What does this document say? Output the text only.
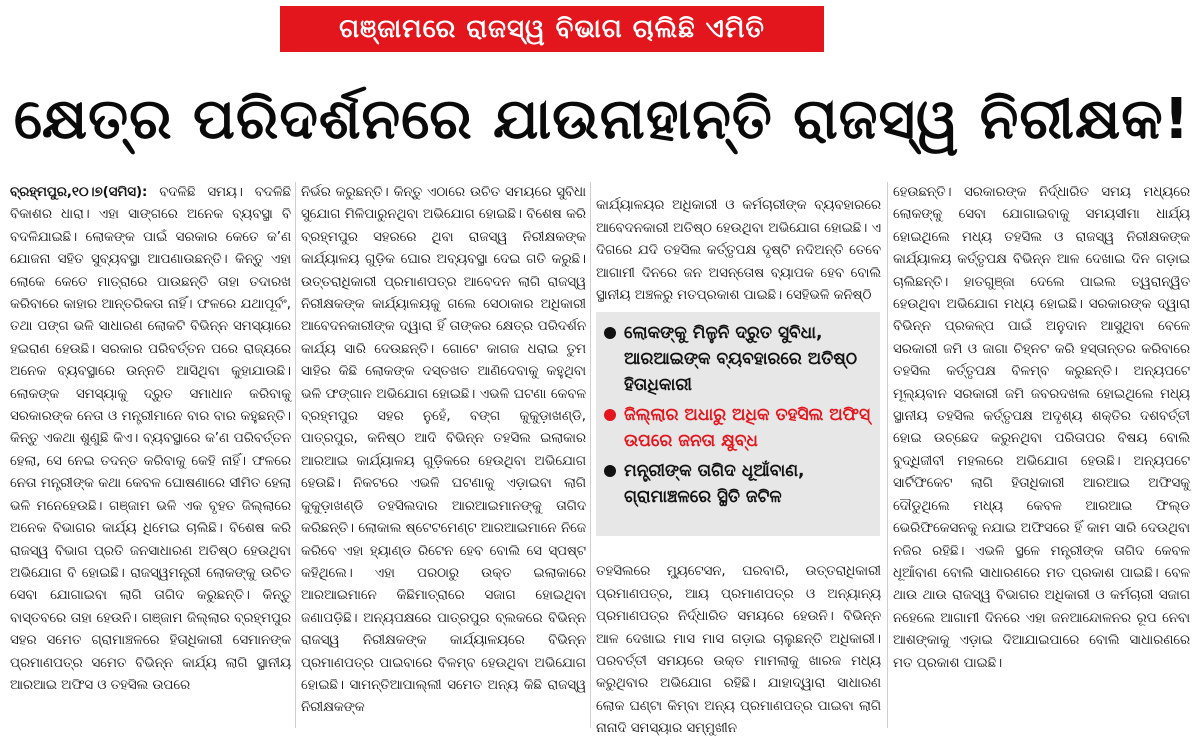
ଗଞ୍ଜାମରେ ରାଜସ୍ୱ ବିଭାଗ ଚାଲିଛି ଏମିତି
କ୍ଷେତ୍ର ପରିଦର୍ଶନରେ ଯାଉନାହାନ୍ତି ରାଜସ୍ୱ ନିରୀକ୍ଷକ!

ବ୍ରହ୍ମପୁର,୧୦।୭(ସମିସ): ବଦଳିଛି ସମୟ। ବଦଳିଛି ବିକାଶର ଧାରା। ଏହା ସାଙ୍ଗରେ ଅନେକ ବ୍ୟବସ୍ଥା ବି ବଦଳିଯାଇଛି। ଲୋକଙ୍କ ପାଇଁ ସରକାର କେତେ କ’ଣ ଯୋଜନା ସହିତ ସୁବ୍ୟବସ୍ଥା ଆପଣାଉଛନ୍ତି। କିନ୍ତୁ ଏହା ଲୋକେ କେତେ ମାତ୍ରାରେ ପାଉଛନ୍ତି ତାହା ତଦାରଖ କରିବାରେ କାହାର ଆନ୍ତରିକତା ନାହିଁ। ଫଳରେ ଯଥାପୂର୍ବଂ, ତଥା ପଙ୍ଗ ଭଳି ସାଧାରଣ ଲୋକଟି ବିଭିନ୍ନ ସମସ୍ୟାରେ ହଇରାଣ ହେଉଛି। ସରକାର ପରିବର୍ତ୍ତନ ପରେ ରାଜ୍ୟରେ ଅନେକ ବ୍ୟବସ୍ଥାରେ ଉନ୍ନତି ଆସିଥିବା କୁହାଯାଉଛି। ଲୋକଙ୍କ ସମସ୍ୟାକୁ ଦ୍ରୁତ ସମାଧାନ କରିବାକୁ ସରକାରଙ୍କ ନେତା ଓ ମନ୍ତ୍ରୀମାନେ ବାର ବାର କହୁଛନ୍ତି। କିନ୍ତୁ ଏକଥା ଶୁଣୁଛି କିଏ। ବ୍ୟବସ୍ଥାରେ କ’ଣ ପରିବର୍ତ୍ତନ ହେଲା, ସେ ନେଇ ତଦନ୍ତ କରିବାକୁ କେହି ନାହିଁ। ଫଳରେ ନେତା ମନ୍ତ୍ରୀଙ୍କ କଥା କେବଳ ଘୋଷଣାରେ ସୀମିତ ହେଲା ଭଳି ମନେହେଉଛି। ଗଞ୍ଜାମ ଭଳି ଏକ ବୃହତ ଜିଲ୍ଲାରେ ଅନେକ ବିଭାଗର କାର୍ଯ୍ୟ ଧିମେଇ ଚାଲିଛି। ବିଶେଷ କରି ରାଜସ୍ୱ ବିଭାଗ ପ୍ରତି ଜନସାଧାରଣ ଅତିଷ୍ଠ ହେଉଥିବା ଅଭିଯୋଗ ବି ହୋଇଛି। ରାଜସ୍ୱମନ୍ତ୍ରୀ ଲୋକଙ୍କୁ ଉଚିତ ସେବା ଯୋଗାଇବା ଲାଗି ତାଗିଦ କରୁଛନ୍ତି। କିନ୍ତୁ ବାସ୍ତବରେ ତାହା ହେଉନି। ଗଞ୍ଜାମ ଜିଲ୍ଲାର ବ୍ରହ୍ମପୁର ସହର ସମେତ ଗ୍ରାମାଞ୍ଚଳରେ ହିତାଧିକାରୀ ସେମାନଙ୍କ ପ୍ରମାଣପତ୍ର ସମେତ ବିଭିନ୍ନ କାର୍ଯ୍ୟ ଲାଗି ସ୍ଥାନୀୟ ଆରଆଇ ଅଫିସ ଓ ତହସିଲ ଉପରେ

ନିର୍ଭର କରୁଛନ୍ତି। କିନ୍ତୁ ଏଠାରେ ଉଚିତ ସମୟରେ ସୁବିଧା ସୁଯୋଗ ମିଳିପାରୁନଥିବା ଅଭିଯୋଗ ହୋଇଛି। ବିଶେଷ କରି ବ୍ରହ୍ମପୁର ସହରରେ ଥିବା ରାଜସ୍ୱ ନିରୀକ୍ଷକଙ୍କ କାର୍ଯ୍ୟାଳୟ ଗୁଡ଼ିକ ଘୋର ଅବ୍ୟବସ୍ଥା ଦେଇ ଗତି କରୁଛି। ଉତ୍ତରାଧିକାରୀ ପ୍ରମାଣପତ୍ର ଆବେଦନ ଲାଗି ରାଜସ୍ୱ ନିରୀକ୍ଷକଙ୍କ କାର୍ଯ୍ୟାଳୟକୁ ଗଲେ ସେଠାକାର ଅଧିକାରୀ ଆବେଦନକାରୀଙ୍କ ଦ୍ୱାରା ହିଁ ତାଙ୍କର କ୍ଷେତ୍ର ପରିଦର୍ଶନ କାର୍ଯ୍ୟ ସାରି ଦେଉଛନ୍ତି। ଗୋଟେ କାଗଜ ଧରାଇ ତୁମ ସାହିର କିଛି ଲୋକଙ୍କ ଦସ୍ତଖତ ଆଣିଦେବାକୁ କହୁଥିବା ଭଳି ଫଙ୍ଗାନ ଅଭିଯୋଗ ହୋଇଛି। ଏଭଳି ଘଟଣା କେବଳ ବ୍ରହ୍ମପୁର ସହର ନୁହେଁ, ବଙ୍ଗ କୁକୁଡ଼ାଖଣ୍ଡି, ପାତ୍ରପୁର, କନିଷ୍ଠ ଆଦି ବିଭିନ୍ନ ତହସିଲ ଇଲାକାର ଆରଆଇ କାର୍ଯ୍ୟାଳୟ ଗୁଡ଼ିକରେ ହେଉଥିବା ଅଭିଯୋଗ ହେଉଛି। ନିକଟରେ ଏଭଳି ଘଟଣାକୁ ଏଡ଼ାଇବା ଲାଗି କୁକୁଡ଼ାଖଣ୍ଡି ତହସିଲଦାର ଆରଆଇମାନଙ୍କୁ ତାଗିଦ କରିଛନ୍ତି। ଲୋକାଲ ଷ୍ଟେଟମେଣ୍ଟ ଆରଆଇମାନେ ନିଜେ କରିବେ ଏହା ହ୍ୟାଣ୍ଡ ରିଟେନ ହେବ ବୋଲି ସେ ସ୍ପଷ୍ଟ କହିଥିଲେ। ଏହା ପରଠାରୁ ଉକ୍ତ ଇଲାକାରେ ଆରଆଇମାନେ କିଛିମାତ୍ରାରେ ସଜାଗ ହୋଇଥିବା ଜଣାପଡ଼ିଛି। ଅନ୍ୟପକ୍ଷରେ ପାତ୍ରପୁର ବ୍ଲକରେ ବିଭିନ୍ନ ରାଜସ୍ୱ ନିରୀକ୍ଷକଙ୍କ କାର୍ଯ୍ୟାଳୟରେ ବିଭିନ୍ନ ପ୍ରମାଣପତ୍ର ପାଇବାରେ ବିଳମ୍ବ ହେଉଥିବା ଅଭିଯୋଗ ହୋଇଛି। ସାମନ୍ତିଆପାଲ୍ଲୀ ସମେତ ଅନ୍ୟ କିଛି ରାଜସ୍ୱ ନିରୀକ୍ଷକଙ୍କ

କାର୍ଯ୍ୟାଳୟର ଅଧିକାରୀ ଓ କର୍ମଚାରୀଙ୍କ ବ୍ୟବହାରରେ ଆବେଦନକାରୀ ଅତିଷ୍ଠ ହେଉଥିବା ଅଭିଯୋଗ ହୋଇଛି। ଏ ଦିଗରେ ଯଦି ତହସିଲ କର୍ତ୍ତୃପକ୍ଷ ଦୃଷ୍ଟି ନଦିଅନ୍ତି ତେବେ ଆଗାମୀ ଦିନରେ ଜନ ଅସନ୍ତୋଷ ବ୍ୟାପକ ହେବ ବୋଲି ସ୍ଥାନୀୟ ଅଞ୍ଚଳରୁ ମତପ୍ରକାଶ ପାଇଛି। ସେହିଭଳି କନିଷ୍ଠି

ଲୋକଙ୍କୁ ମିଳୁନି ଦ୍ରୁତ ସୁବିଧା, ଆରଆଇଙ୍କ ବ୍ୟବହାରରେ ଅତିଷ୍ଠ ହିତାଧିକାରୀ
ଜିଲ୍ଲାର ଅଧାରୁ ଅଧିକ ତହସିଲ ଅଫିସ୍ ଉପରେ ଜନତା କ୍ଷୁବ୍ଧ
ମନ୍ତ୍ରୀଙ୍କ ତାଗିଦ ଧୂଆଁବାଣ, ଗ୍ରାମାଞ୍ଚଳରେ ସ୍ଥିତି ଜଟିଳ

ତହସିଲରେ ମ୍ୟୁଟେସନ, ଘରବାରି, ଉତ୍ତରାଧିକାରୀ ପ୍ରମାଣପତ୍ର, ଆୟ ପ୍ରମାଣପତ୍ର ଓ ଅନ୍ୟାନ୍ୟ ପ୍ରମାଣପତ୍ର ନିର୍ଦ୍ଧାରିତ ସମୟରେ ହେଉନି। ବିଭିନ୍ନ ଆଳ ଦେଖାଇ ମାସ ମାସ ଗଡ଼ାଇ ଚାଲୁଛନ୍ତି ଅଧିକାରୀ। ପରବର୍ତ୍ତୀ ସମୟରେ ଉକ୍ତ ମାମଲାକୁ ଖାରଜ ମଧ୍ୟ କରୁଥିବାର ଅଭିଯୋଗ ରହିଛି। ଯାହାଦ୍ୱାରା ସାଧାରଣ ଲୋକ ଘଣ୍ଟା କିମ୍ବା ଅନ୍ୟ ପ୍ରମାଣପତ୍ର ପାଇବା ଲାଗି ନାନାଦି ସମସ୍ୟାର ସମ୍ମୁଖୀନ

ହେଉଛନ୍ତି। ସରକାରଙ୍କ ନିର୍ଦ୍ଧାରିତ ସମୟ ମଧ୍ୟରେ ଲୋକଙ୍କୁ ସେବା ଯୋଗାଇବାକୁ ସମୟସୀମା ଧାର୍ଯ୍ୟ ହୋଇଥିଲେ ମଧ୍ୟ ତହସିଲ ଓ ରାଜସ୍ୱ ନିରୀକ୍ଷକଙ୍କ କାର୍ଯ୍ୟାଳୟ କର୍ତ୍ତୃପକ୍ଷ ବିଭିନ୍ନ ଆଳ ଦେଖାଇ ଦିନ ଗଡ଼ାଇ ଚାଲିଛନ୍ତି। ହାତଗୁଞ୍ଜା ଦେଲେ ପାଇଲ ତ୍ୱରାନ୍ୱିତ ହେଉଥିବା ଅଭିଯୋଗ ମଧ୍ୟ ହୋଇଛି। ସରକାରଙ୍କ ଦ୍ୱାରା ବିଭିନ୍ନ ପ୍ରକଳ୍ପ ପାଇଁ ଅନୁଦାନ ଆସୁଥିବା ବେଳେ ସରକାରୀ ଜମି ଓ ଜାଗା ଚିହ୍ନଟ କରି ହସ୍ତାନ୍ତର କରିବାରେ ତହସିଲ କର୍ତ୍ତୃପକ୍ଷ ବିଳମ୍ବ କରୁଛନ୍ତି। ଅନ୍ୟପଟେ ମୂଲ୍ୟବାନ ସରକାରୀ ଜମି ଜବରଦଖଲ ହୋଇଥିଲେ ମଧ୍ୟ ସ୍ଥାନୀୟ ତହସିଲ କର୍ତ୍ତୃପକ୍ଷ ଅଦୃଶ୍ୟ ଶକ୍ତିର ଦଶବର୍ତ୍ତୀ ହୋଇ ଉଚ୍ଛେଦ କରୁନଥିବା ପରିତାପର ବିଷୟ ବୋଲି ବୁଦ୍ଧିଜୀବୀ ମହଲରେ ଅଭିଯୋଗ ହେଉଛି। ଅନ୍ୟପଟେ ସାର୍ଟିଫିକେଟ ଲାଗି ହିତାଧିକାରୀ ଆରଆଇ ଅଫିସକୁ ଦୌଡୁଥିଲେ ମଧ୍ୟ କେବଳ ଆରଆଇ ଫିଲ୍ଡ ଭେରିଫିକେସନକୁ ନଯାଇ ଅଫିସରେ ହିଁ କାମ ସାରି ଦେଉଥିବା ନଜିର ରହିଛି। ଏଭଳି ସ୍ଥଳେ ମନ୍ତ୍ରୀଙ୍କ ତାଗିଦ କେବଳ ଧୂଆଁବାଣ ବୋଲି ସାଧାରଣରେ ମତ ପ୍ରକାଶ ପାଇଛି। ବେଳ ଥାଉ ଥାଉ ରାଜସ୍ୱ ବିଭାଗର ଅଧିକାରୀ ଓ କର୍ମଚାରୀ ସଜାଗ ନହେଲେ ଆଗାମୀ ଦିନରେ ଏହା ଜନଆନ୍ଦୋଳନର ରୂପ ନେବା ଆଶଙ୍କାକୁ ଏଡ଼ାଇ ଦିଆଯାଇପାରେ ବୋଲି ସାଧାରଣରେ ମତ ପ୍ରକାଶ ପାଇଛି।
